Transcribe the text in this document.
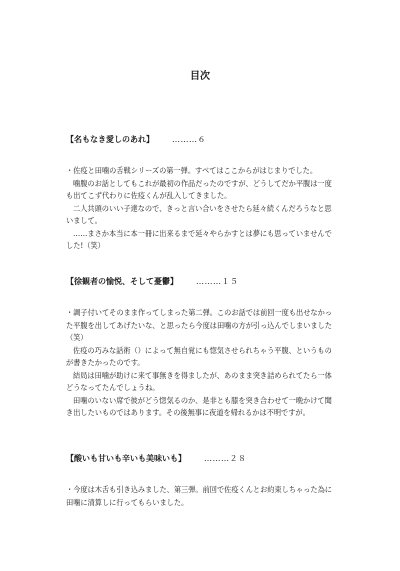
目次
【名もなき愛しのあれ】 ………６

・佐疫と田噛の舌戦シリーズの第一弾。すべてはここからがはじまりでした。

噛腹のお話としてもこれが最初の作品だったのですが、どうしてだか平腹は一度も出てこず代わりに佐疫くんが乱入してきました。

二人共頭のいい子達なので、きっと言い合いをさせたら延々続くんだろうなと思いまして。

……まさか本当に本一冊に出来るまで延々やらかすとは夢にも思っていませんでした!（笑）

【徐観者の愉悦、そして憂鬱】 ………１５

・調子付いてそのまま作ってしまった第二弾。このお話では前回一度も出せなかった平腹を出してあげたいな、と思ったら今度は田噛の方が引っ込んでしまいました（笑）

佐疫の巧みな話術（）によって無自覚にも惚気させられちゃう平腹、というものが書きたかったのです。

結局は田噛が助けに来て事無きを得ましたが、あのまま突き詰められてたら一体どうなってたんでしょうね。

田噛のいない席で彼がどう惚気るのか、是非とも膝を突き合わせて一晩かけて聞き出したいものではあります。その後無事に夜道を帰れるかは不明ですが。

【酸いも甘いも辛いも美味いも】 ………２８

・今度は木舌も引き込みました、第三弾。前回で佐疫くんとお約束しちゃった為に田噛に清算しに行ってもらいました。
